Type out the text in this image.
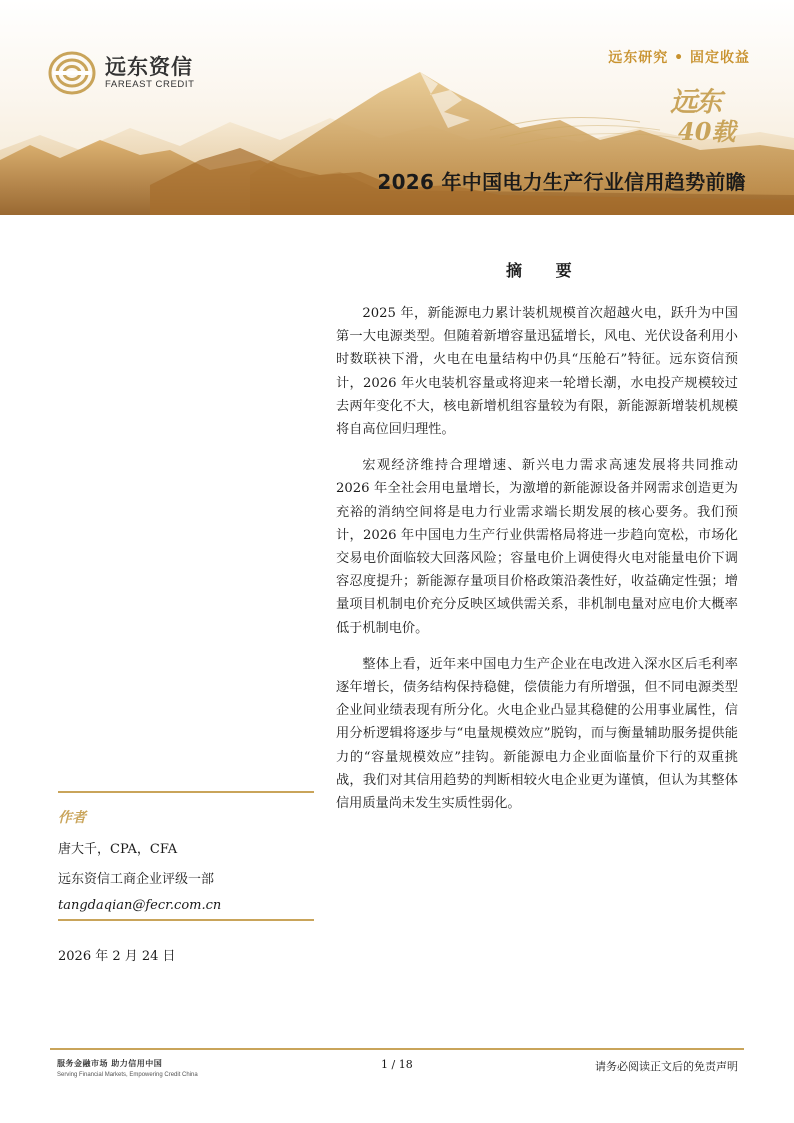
远东资信
FAREAST CREDIT
远东研究 • 固定收益
远东
40载
2026 年中国电力生产行业信用趋势前瞻
摘 要

2025 年，新能源电力累计装机规模首次超越火电，跃升为中国第一大电源类型。但随着新增容量迅猛增长，风电、光伏设备利用小时数联袂下滑，火电在电量结构中仍具“压舱石”特征。远东资信预计，2026 年火电装机容量或将迎来一轮增长潮，水电投产规模较过去两年变化不大，核电新增机组容量较为有限，新能源新增装机规模将自高位回归理性。

宏观经济维持合理增速、新兴电力需求高速发展将共同推动 2026 年全社会用电量增长，为激增的新能源设备并网需求创造更为充裕的消纳空间将是电力行业需求端长期发展的核心要务。我们预计，2026 年中国电力生产行业供需格局将进一步趋向宽松，市场化交易电价面临较大回落风险；容量电价上调使得火电对能量电价下调容忍度提升；新能源存量项目价格政策沿袭性好，收益确定性强；增量项目机制电价充分反映区域供需关系，非机制电量对应电价大概率低于机制电价。

整体上看，近年来中国电力生产企业在电改进入深水区后毛利率逐年增长，债务结构保持稳健，偿债能力有所增强，但不同电源类型企业间业绩表现有所分化。火电企业凸显其稳健的公用事业属性，信用分析逻辑将逐步与“电量规模效应”脱钩，而与衡量辅助服务提供能力的“容量规模效应”挂钩。新能源电力企业面临量价下行的双重挑战，我们对其信用趋势的判断相较火电企业更为谨慎，但认为其整体信用质量尚未发生实质性弱化。

作者
唐大千，CPA，CFA
远东资信工商企业评级一部
tangdaqian@fecr.com.cn
2026 年 2 月 24 日
服务金融市场 助力信用中国
Serving Financial Markets, Empowering Credit China
1 / 18	请务必阅读正文后的免责声明
